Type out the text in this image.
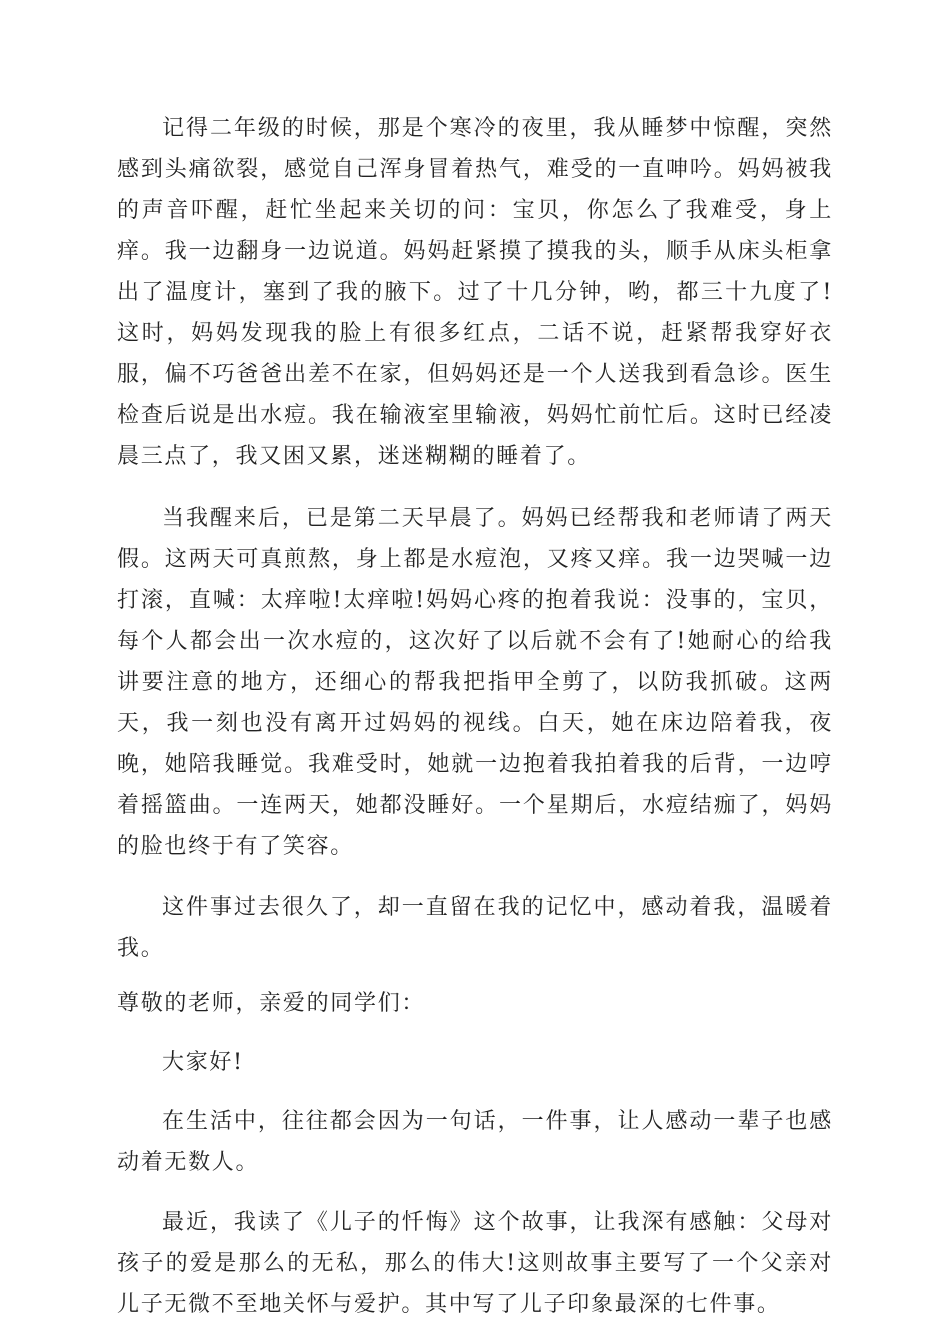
记得二年级的时候，那是个寒冷的夜里，我从睡梦中惊醒，突然感到头痛欲裂，感觉自己浑身冒着热气，难受的一直呻吟。妈妈被我的声音吓醒，赶忙坐起来关切的问：宝贝，你怎么了我难受，身上痒。我一边翻身一边说道。妈妈赶紧摸了摸我的头，顺手从床头柜拿出了温度计，塞到了我的腋下。过了十几分钟，哟，都三十九度了!这时，妈妈发现我的脸上有很多红点，二话不说，赶紧帮我穿好衣服，偏不巧爸爸出差不在家，但妈妈还是一个人送我到看急诊。医生检查后说是出水痘。我在输液室里输液，妈妈忙前忙后。这时已经凌晨三点了，我又困又累，迷迷糊糊的睡着了。

当我醒来后，已是第二天早晨了。妈妈已经帮我和老师请了两天假。这两天可真煎熬，身上都是水痘泡，又疼又痒。我一边哭喊一边打滚，直喊：太痒啦!太痒啦!妈妈心疼的抱着我说：没事的，宝贝，每个人都会出一次水痘的，这次好了以后就不会有了!她耐心的给我讲要注意的地方，还细心的帮我把指甲全剪了，以防我抓破。这两天，我一刻也没有离开过妈妈的视线。白天，她在床边陪着我，夜晚，她陪我睡觉。我难受时，她就一边抱着我拍着我的后背，一边哼着摇篮曲。一连两天，她都没睡好。一个星期后，水痘结痂了，妈妈的脸也终于有了笑容。

这件事过去很久了，却一直留在我的记忆中，感动着我，温暖着我。

尊敬的老师，亲爱的同学们：

大家好!

在生活中，往往都会因为一句话，一件事，让人感动一辈子也感动着无数人。

最近，我读了《儿子的忏悔》这个故事，让我深有感触：父母对孩子的爱是那么的无私，那么的伟大!这则故事主要写了一个父亲对儿子无微不至地关怀与爱护。其中写了儿子印象最深的七件事。
